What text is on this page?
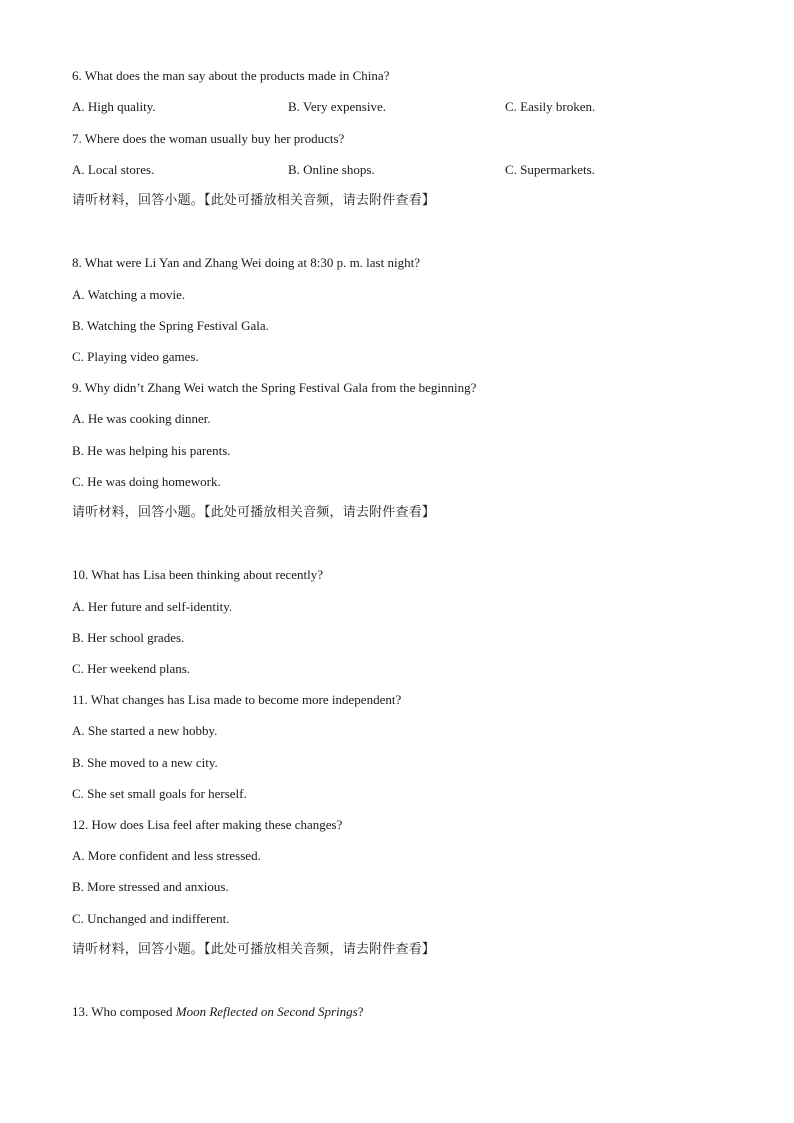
6. What does the man say about the products made in China?
A. High quality.	B. Very expensive.	C. Easily broken.
7. Where does the woman usually buy her products?
A. Local stores.	B. Online shops.	C. Supermarkets.
请听材料，回答小题。【此处可播放相关音频，请去附件查看】
8. What were Li Yan and Zhang Wei doing at 8:30 p. m. last night?
A. Watching a movie.
B. Watching the Spring Festival Gala.
C. Playing video games.
9. Why didn’t Zhang Wei watch the Spring Festival Gala from the beginning?
A. He was cooking dinner.
B. He was helping his parents.
C. He was doing homework.
请听材料，回答小题。【此处可播放相关音频，请去附件查看】
10. What has Lisa been thinking about recently?
A. Her future and self-identity.
B. Her school grades.
C. Her weekend plans.
11. What changes has Lisa made to become more independent?
A. She started a new hobby.
B. She moved to a new city.
C. She set small goals for herself.
12. How does Lisa feel after making these changes?
A. More confident and less stressed.
B. More stressed and anxious.
C. Unchanged and indifferent.
请听材料，回答小题。【此处可播放相关音频，请去附件查看】
13. Who composed Moon Reflected on Second Springs?
